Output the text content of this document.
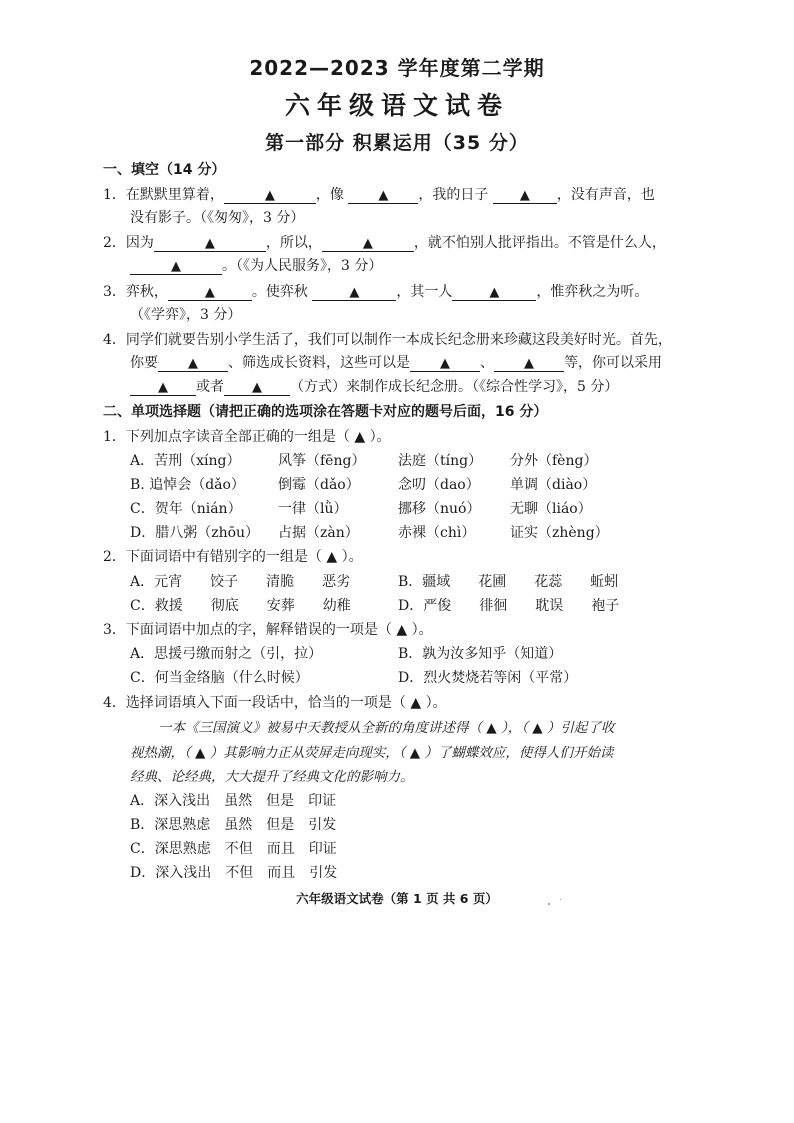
2022—2023 学年度第二学期
六年级语文试卷
第一部分 积累运用（35 分）
一、填空（14 分）
1．在默默里算着，	▲	，像 ▲ ，我的日子 ▲ ，没有声音，也
没有影子。（《匆匆》，3 分）
2．因为	▲	，所以，	▲	，就不怕别人批评指出。不管是什么人，
▲	。（《为人民服务》，3 分）
3．弈秋，	▲	。使弈秋	▲	，其一人	▲	，惟弈秋之为听。
（《学弈》，3 分）
4．同学们就要告别小学生活了，我们可以制作一本成长纪念册来珍藏这段美好时光。首先，
你要 ▲ 、筛选成长资料，这些可以是 ▲ 、 ▲ 等，你可以采用
▲ 或者 ▲ （方式）来制作成长纪念册。（《综合性学习》，5 分）
二、单项选择题（请把正确的选项涂在答题卡对应的题号后面，16 分）
1．下列加点字读音全部正确的一组是（ ▲ ）。
A．苦刑（xíng）	风筝（fēng） 法庭（tíng） 分外（fèng）
B. 追悼会（dǎo） 倒霉（dǎo）	念叨（dao） 单调（diào）
C．贺年（nián）	一律（lǜ）	挪移（nuó） 无聊（liáo）
D．腊八粥（zhōu） 占据（zàn）	赤裸（chì） 证实（zhèng）
2．下面词语中有错别字的一组是（ ▲ ）。
A．元宵　　饺子　　清脆　　恶劣	B．疆域　　花圃　　花蕊　　蚯蚓
C．救援　　彻底　　安葬　　幼稚	D．严俊　　徘徊　　耽误　　袍子
3．下面词语中加点的字，解释错误的一项是（ ▲ ）。
A．思援弓缴而射之（引，拉）	B．孰为汝多知乎（知道）
C．何当金络脑（什么时候）	D．烈火焚烧若等闲（平常）
4．选择词语填入下面一段话中，恰当的一项是（ ▲ ）。
一本《三国演义》被易中天教授从全新的角度讲述得（ ▲ ），（ ▲ ）引起了收
视热潮，（ ▲ ）其影响力正从荧屏走向现实，（ ▲ ）了蝴蝶效应，使得人们开始读
经典、论经典，大大提升了经典文化的影响力。
A．深入浅出　虽然　但是　印证
B．深思熟虑　虽然　但是　引发
C．深思熟虑　不但　而且　印证
D．深入浅出　不但　而且　引发
六年级语文试卷（第 1 页 共 6 页）
